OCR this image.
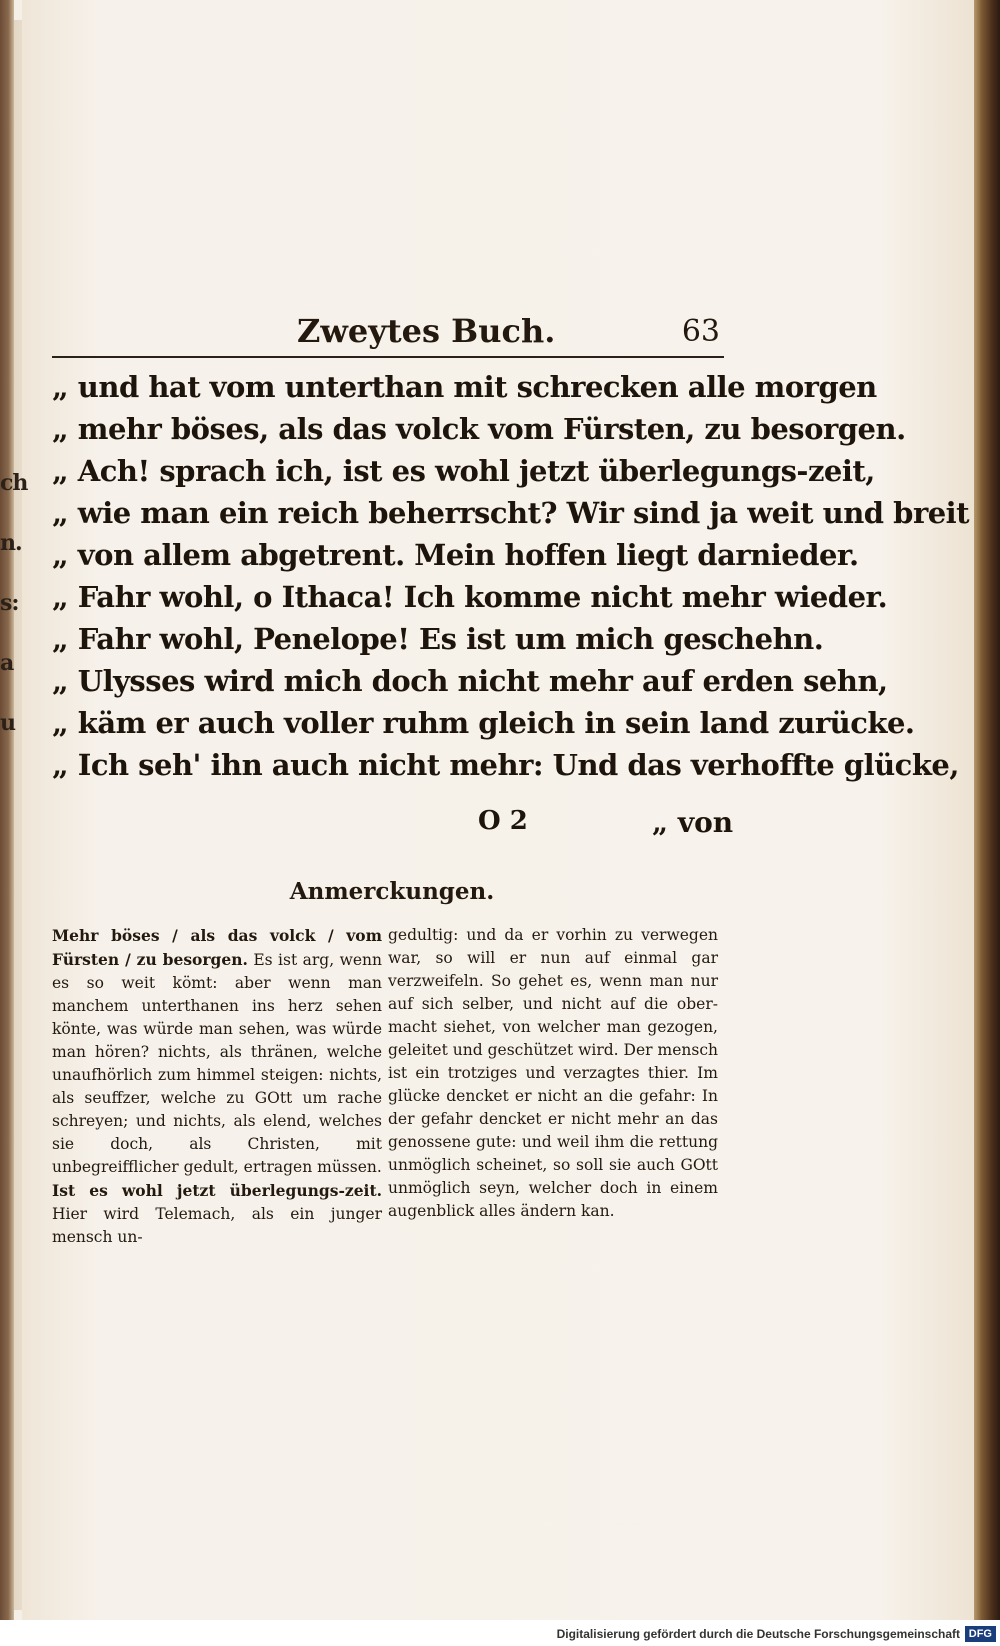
ch
n.
s:
a
u
Zweytes Buch.	63
„ und hat vom unterthan mit schrecken alle morgen
„ mehr böses, als das volck vom Fürsten, zu besorgen.
„ Ach! sprach ich, ist es wohl jetzt überlegungs-zeit,
„ wie man ein reich beherrscht? Wir sind ja weit und breit
„ von allem abgetrent. Mein hoffen liegt darnieder.
„ Fahr wohl, o Ithaca! Ich komme nicht mehr wieder.
„ Fahr wohl, Penelope! Es ist um mich geschehn.
„ Ulysses wird mich doch nicht mehr auf erden sehn,
„ käm er auch voller ruhm gleich in sein land zurücke.
„ Ich seh' ihn auch nicht mehr: Und das verhoffte glücke,
O 2	„ von
Anmerckungen.

Mehr böses / als das volck / vom Fürsten / zu besorgen. Es ist arg, wenn es so weit kömt: aber wenn man manchem unterthanen ins herz sehen könte, was würde man sehen, was würde man hören? nichts, als thränen, welche unaufhörlich zum himmel steigen: nichts, als seuffzer, welche zu GOtt um rache schreyen; und nichts, als elend, welches sie doch, als Christen, mit unbegreifflicher gedult, ertragen müssen.

Ist es wohl jetzt überlegungs-zeit. Hier wird Telemach, als ein junger mensch un-

gedultig: und da er vorhin zu verwegen war, so will er nun auf einmal gar verzweifeln. So gehet es, wenn man nur auf sich selber, und nicht auf die ober-macht siehet, von welcher man gezogen, geleitet und geschützet wird. Der mensch ist ein trotziges und verzagtes thier. Im glücke dencket er nicht an die gefahr: In der gefahr dencket er nicht mehr an das genossene gute: und weil ihm die rettung unmöglich scheinet, so soll sie auch GOtt unmöglich seyn, welcher doch in einem augenblick alles ändern kan.

Digitalisierung gefördert durch die Deutsche Forschungsgemeinschaft DFG
